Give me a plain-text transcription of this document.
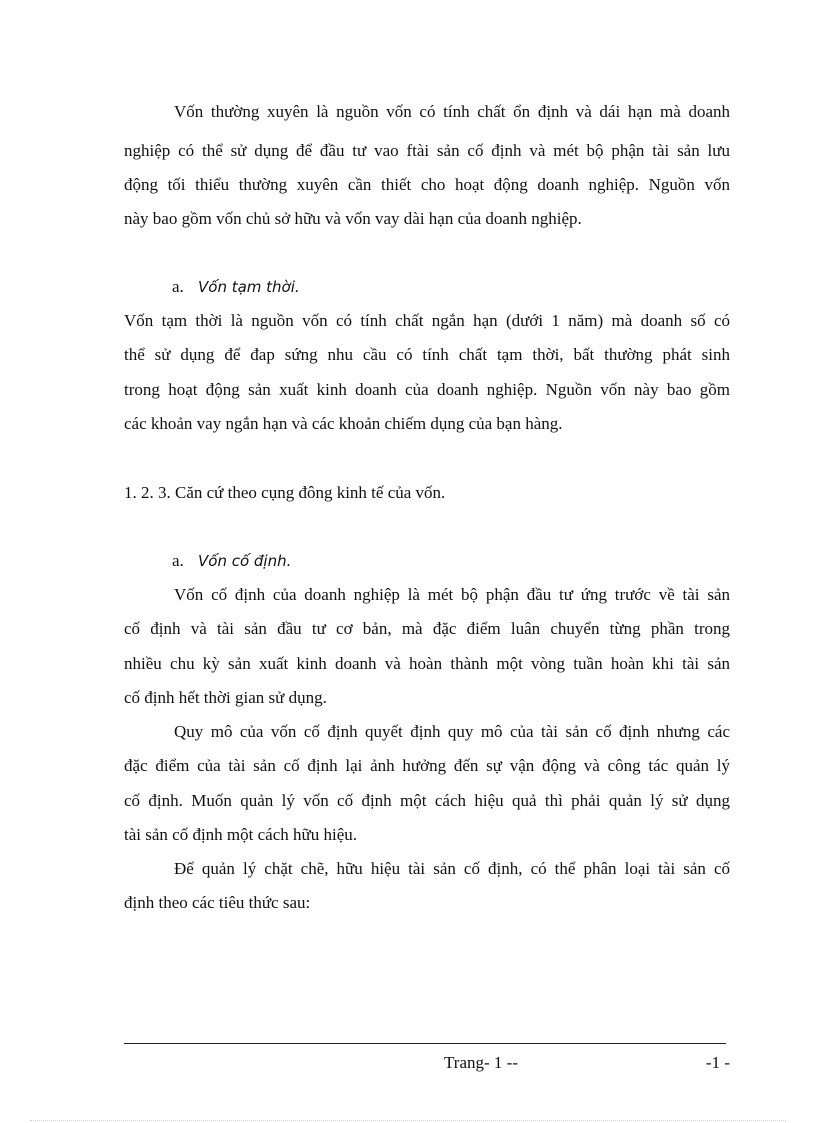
Vốn thường xuyên là nguồn vốn có tính chất ổn định và dái hạn mà doanh
nghiệp có thể sử dụng để đầu tư vao ftài sản cố định và mét bộ phận tài sản lưu
động tối thiểu thường xuyên cần thiết cho hoạt động doanh nghiệp. Nguồn vốn
này bao gồm vốn chủ sở hữu và vốn vay dài hạn của doanh nghiệp.
a. Vốn tạm thời.
Vốn tạm thời là nguồn vốn có tính chất ngắn hạn (dưới 1 năm) mà doanh số có
thể sử dụng để đap sứng nhu cầu có tính chất tạm thời, bất thường phát sinh
trong hoạt động sản xuất kinh doanh của doanh nghiệp. Nguồn vốn này bao gồm
các khoản vay ngắn hạn và các khoản chiếm dụng của bạn hàng.
1. 2. 3. Căn cứ theo cụng đông kinh tế của vốn.
a. Vốn cố định.
Vốn cố định của doanh nghiệp là mét bộ phận đầu tư ứng trước về tài sản
cố định và tài sản đầu tư cơ bản, mà đặc điểm luân chuyển từng phần trong
nhiều chu kỳ sản xuất kinh doanh và hoàn thành một vòng tuần hoàn khi tài sản
cố định hết thời gian sử dụng.
Quy mô của vốn cố định quyết định quy mô của tài sản cố định nhưng các
đặc điểm của tài sản cố định lại ảnh hưởng đến sự vận động và công tác quản lý
cố định. Muốn quản lý vốn cố định một cách hiệu quả thì phải quản lý sử dụng
tài sản cố định một cách hữu hiệu.
Để quản lý chặt chẽ, hữu hiệu tài sản cố định, có thể phân loại tài sản cố
định theo các tiêu thức sau:
Trang- 1 --	-1 -
